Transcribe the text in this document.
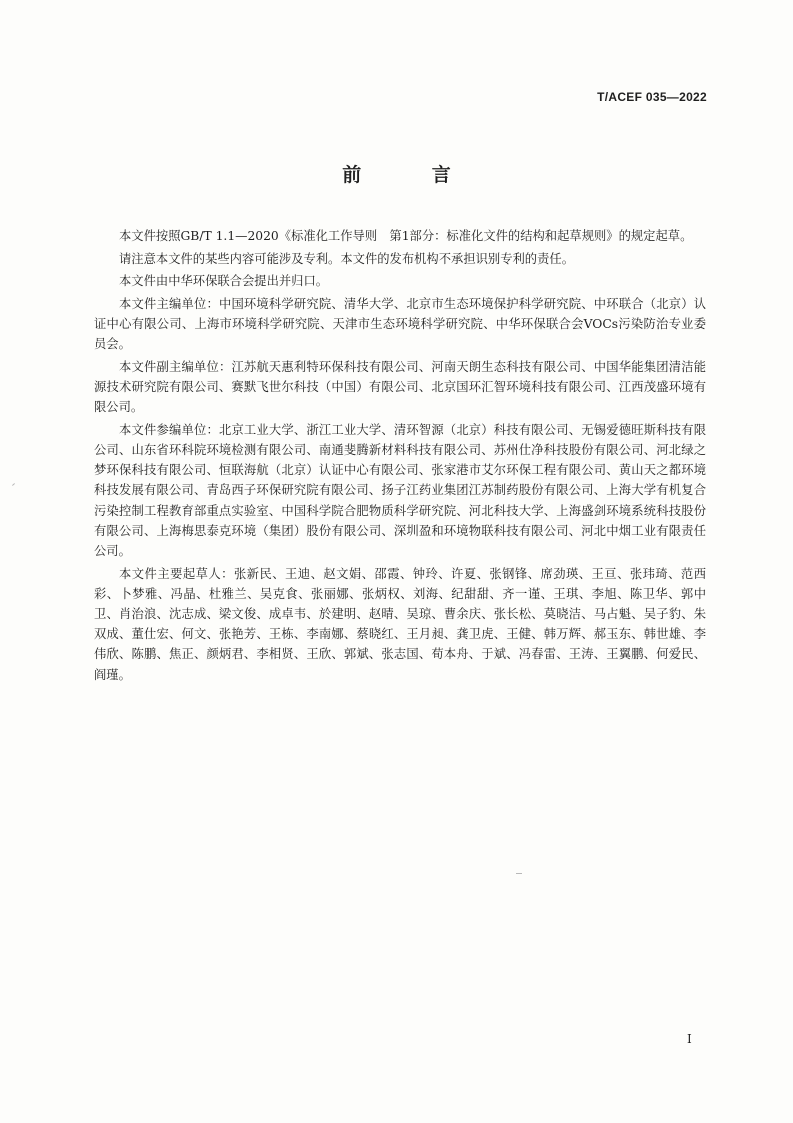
T/ACEF 035—2022
前 言

本文件按照GB/T 1.1—2020《标准化工作导则　第1部分：标准化文件的结构和起草规则》的规定起草。

请注意本文件的某些内容可能涉及专利。本文件的发布机构不承担识别专利的责任。

本文件由中华环保联合会提出并归口。

本文件主编单位：中国环境科学研究院、清华大学、北京市生态环境保护科学研究院、中环联合（北京）认证中心有限公司、上海市环境科学研究院、天津市生态环境科学研究院、中华环保联合会VOCs污染防治专业委员会。

本文件副主编单位：江苏航天惠利特环保科技有限公司、河南天朗生态科技有限公司、中国华能集团清洁能源技术研究院有限公司、赛默飞世尔科技（中国）有限公司、北京国环汇智环境科技有限公司、江西茂盛环境有限公司。

本文件参编单位：北京工业大学、浙江工业大学、清环智源（北京）科技有限公司、无锡爱德旺斯科技有限公司、山东省环科院环境检测有限公司、南通斐腾新材料科技有限公司、苏州仕净科技股份有限公司、河北绿之梦环保科技有限公司、恒联海航（北京）认证中心有限公司、张家港市艾尔环保工程有限公司、黄山天之都环境科技发展有限公司、青岛西子环保研究院有限公司、扬子江药业集团江苏制药股份有限公司、上海大学有机复合污染控制工程教育部重点实验室、中国科学院合肥物质科学研究院、河北科技大学、上海盛剑环境系统科技股份有限公司、上海梅思泰克环境（集团）股份有限公司、深圳盈和环境物联科技有限公司、河北中烟工业有限责任公司。

本文件主要起草人：张新民、王迪、赵文娟、邵霞、钟玲、许夏、张钢锋、席劲瑛、王亘、张玮琦、范西彩、卜梦雅、冯晶、杜雅兰、吴克食、张丽娜、张炳权、刘海、纪甜甜、齐一谨、王琪、李旭、陈卫华、郭中卫、肖治浪、沈志成、梁文俊、成卓韦、於建明、赵晴、吴琼、曹余庆、张长松、莫晓洁、马占魁、吴子豹、朱双成、董仕宏、何文、张艳芳、王栋、李南娜、蔡晓红、王月昶、龚卫虎、王健、韩万辉、郝玉东、韩世雄、李伟欣、陈鹏、焦正、颜炳君、李相贤、王欣、郭斌、张志国、荀本舟、于斌、冯春雷、王涛、王翼鹏、何爱民、阎瑾。

I
